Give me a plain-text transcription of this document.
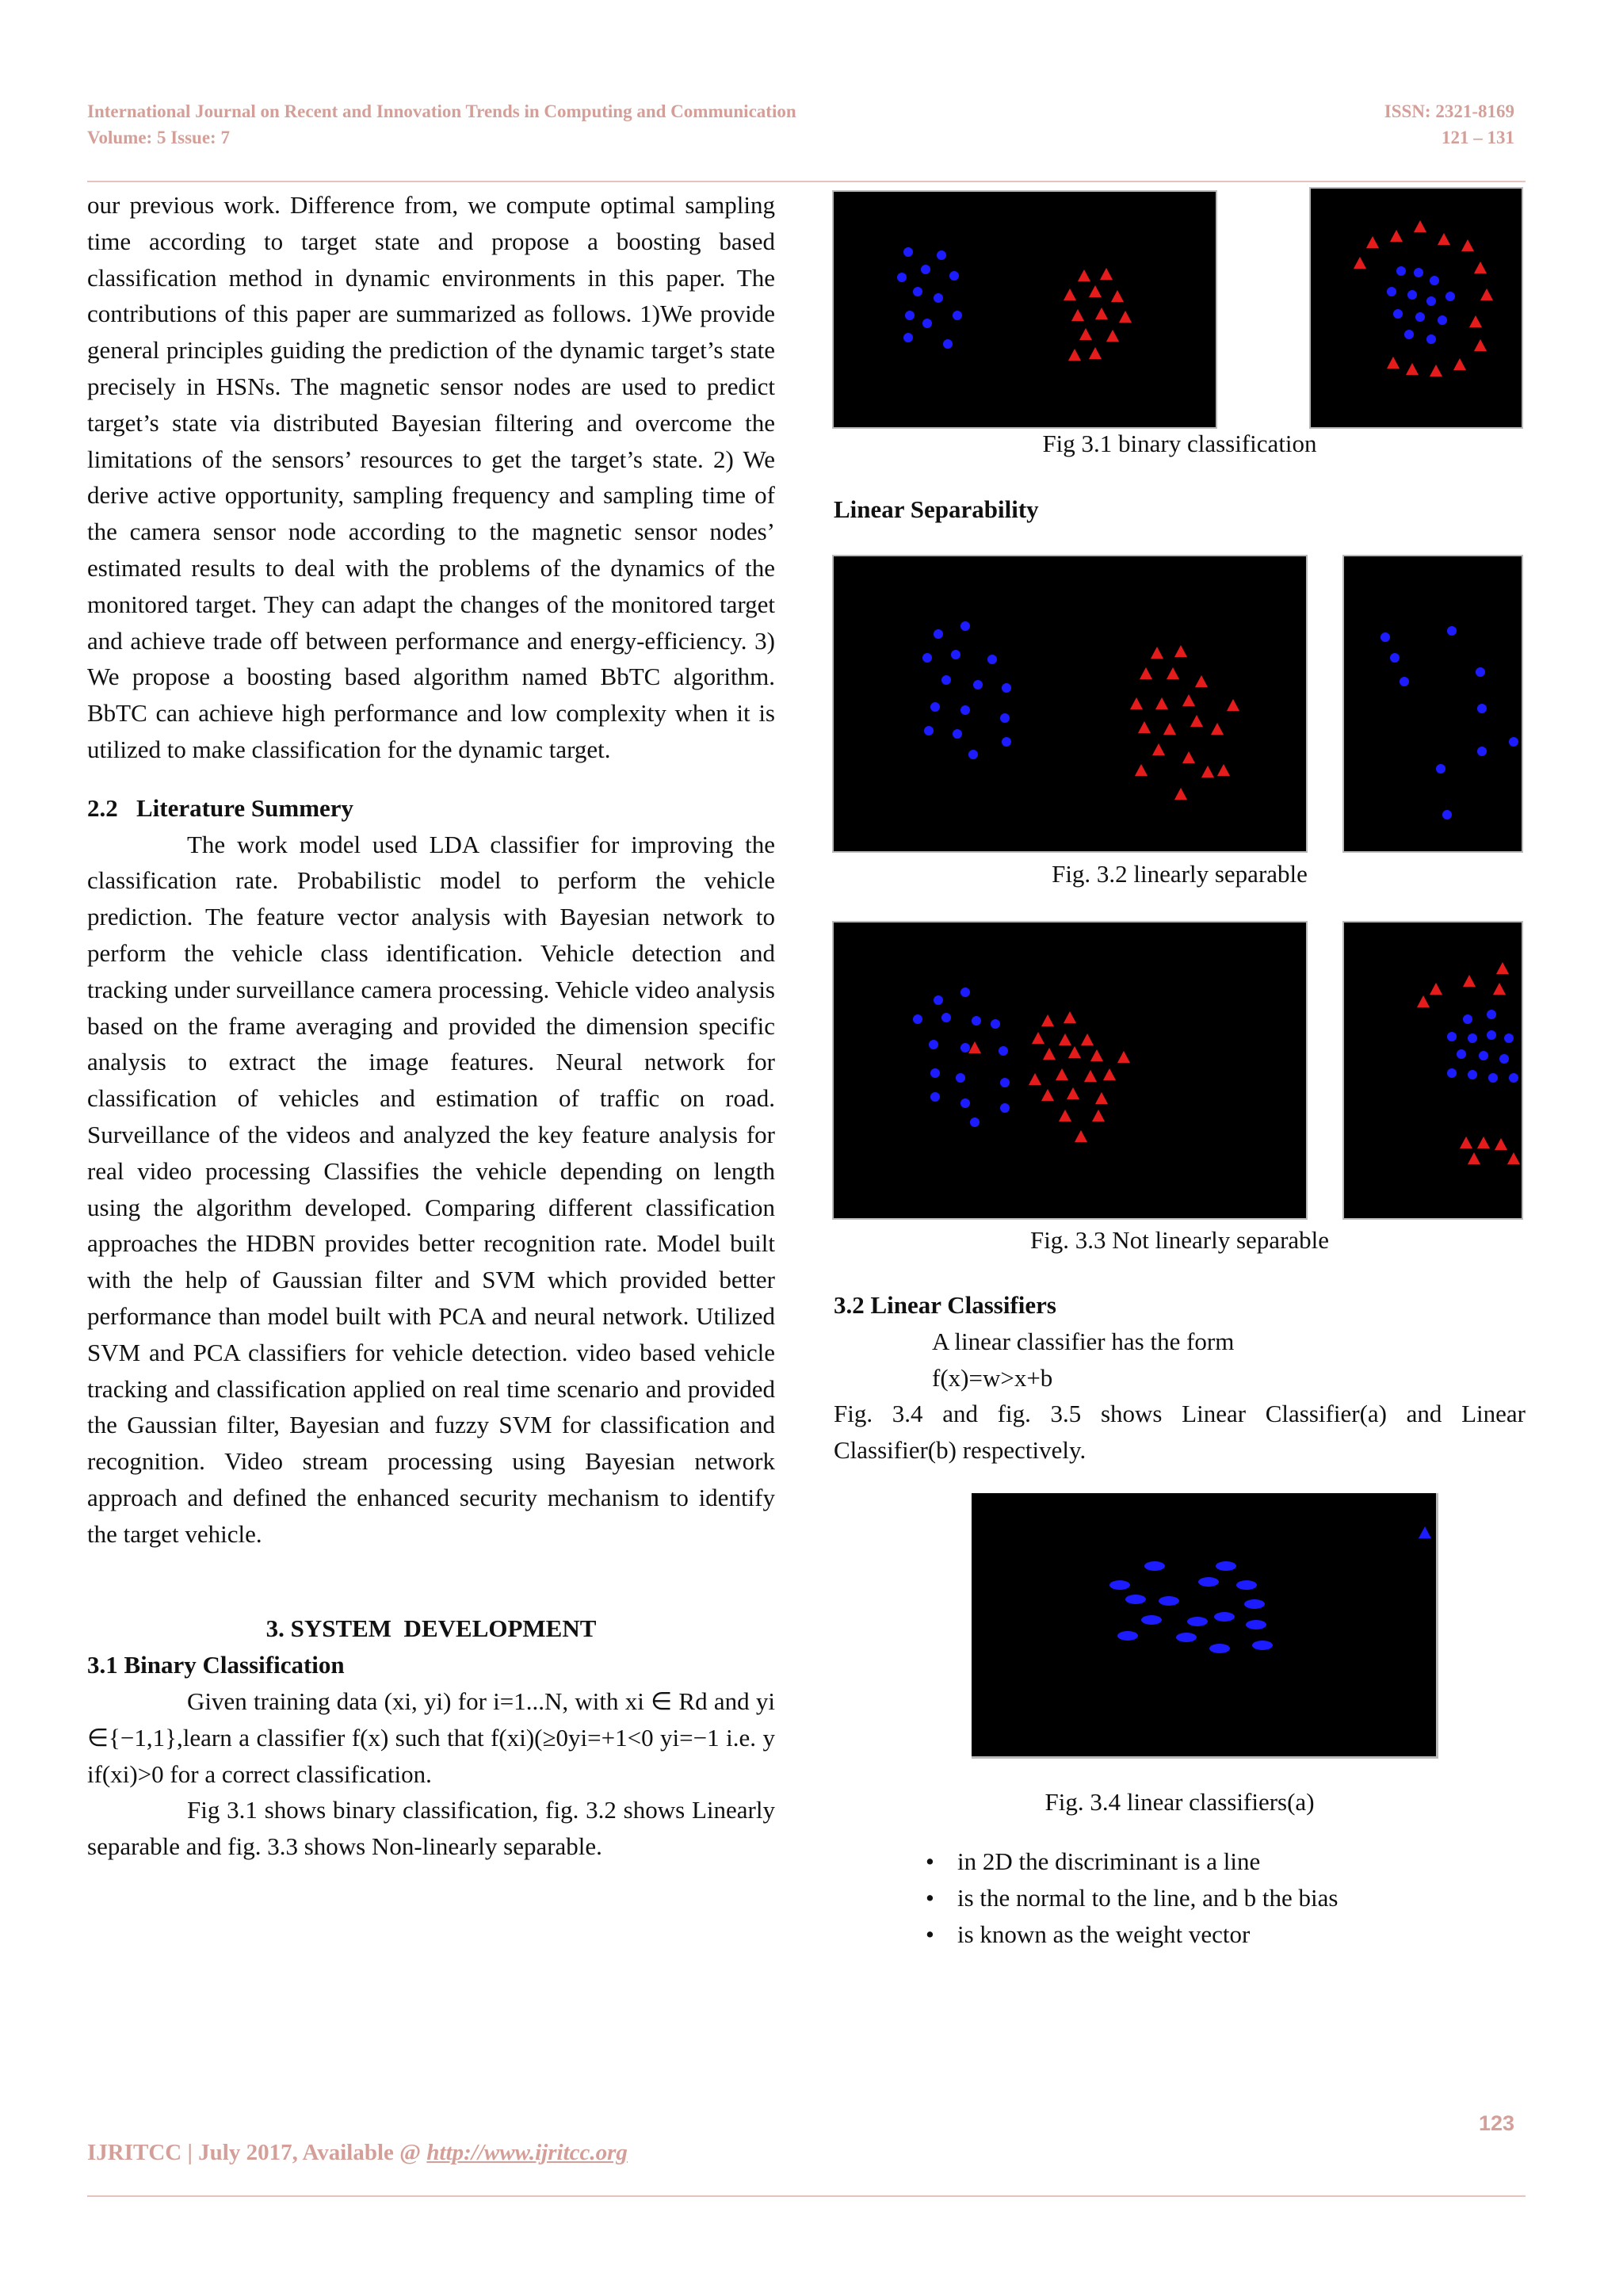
International Journal on Recent and Innovation Trends in Computing and Communication
Volume: 5 Issue: 7
ISSN: 2321-8169
121 – 131

our previous work. Difference from, we compute optimal sampling time according to target state and propose a boosting based classification method in dynamic environments in this paper. The contributions of this paper are summarized as follows. 1)We provide general principles guiding the prediction of the dynamic target’s state precisely in HSNs. The magnetic sensor nodes are used to predict target’s state via distributed Bayesian filtering and overcome the limitations of the sensors’ resources to get the target’s state. 2) We derive active opportunity, sampling frequency and sampling time of the camera sensor node according to the magnetic sensor nodes’ estimated results to deal with the problems of the dynamics of the monitored target. They can adapt the changes of the monitored target and achieve trade off between performance and energy-efficiency. 3) We propose a boosting based algorithm named BbTC algorithm. BbTC can achieve high performance and low complexity when it is utilized to make classification for the dynamic target.

2.2   Literature Summery

The work model used LDA classifier for improving the classification rate. Probabilistic model to perform the vehicle prediction. The feature vector analysis with Bayesian network to perform the vehicle class identification. Vehicle detection and tracking under surveillance camera processing. Vehicle video analysis based on the frame averaging and provided the dimension specific analysis to extract the image features. Neural network for classification of vehicles and estimation of traffic on road. Surveillance of the videos and analyzed the key feature analysis for real video processing Classifies the vehicle depending on length using the algorithm developed. Comparing different classification approaches the HDBN provides better recognition rate. Model built with the help of Gaussian filter and SVM which provided better performance than model built with PCA and neural network. Utilized SVM and PCA classifiers for vehicle detection. video based vehicle tracking and classification applied on real time scenario and provided the Gaussian filter, Bayesian and fuzzy SVM for classification and recognition. Video stream processing using Bayesian network approach and defined the enhanced security mechanism to identify the target vehicle.

3. SYSTEM  DEVELOPMENT

3.1 Binary Classification

Given training data (xi, yi) for i=1...N, with xi ∈ Rd and yi ∈{−1,1},learn a classifier f(x) such that f(xi)(≥0yi=+1<0 yi=−1 i.e. y if(xi)>0 for a correct classification.

Fig 3.1 shows binary classification, fig. 3.2 shows Linearly separable and fig. 3.3 shows Non-linearly separable.

Fig 3.1 binary classification

Linear Separability

Fig. 3.2 linearly separable
Fig. 3.3 Not linearly separable

3.2 Linear Classifiers

A linear classifier has the form

f(x)=w>x+b

Fig. 3.4 and fig. 3.5 shows Linear Classifier(a) and Linear Classifier(b) respectively.

Fig. 3.4 linear classifiers(a)
• in 2D the discriminant is a line
• is the normal to the line, and b the bias
• is known as the weight vector
123
IJRITCC | July 2017, Available @ http://www.ijritcc.org
